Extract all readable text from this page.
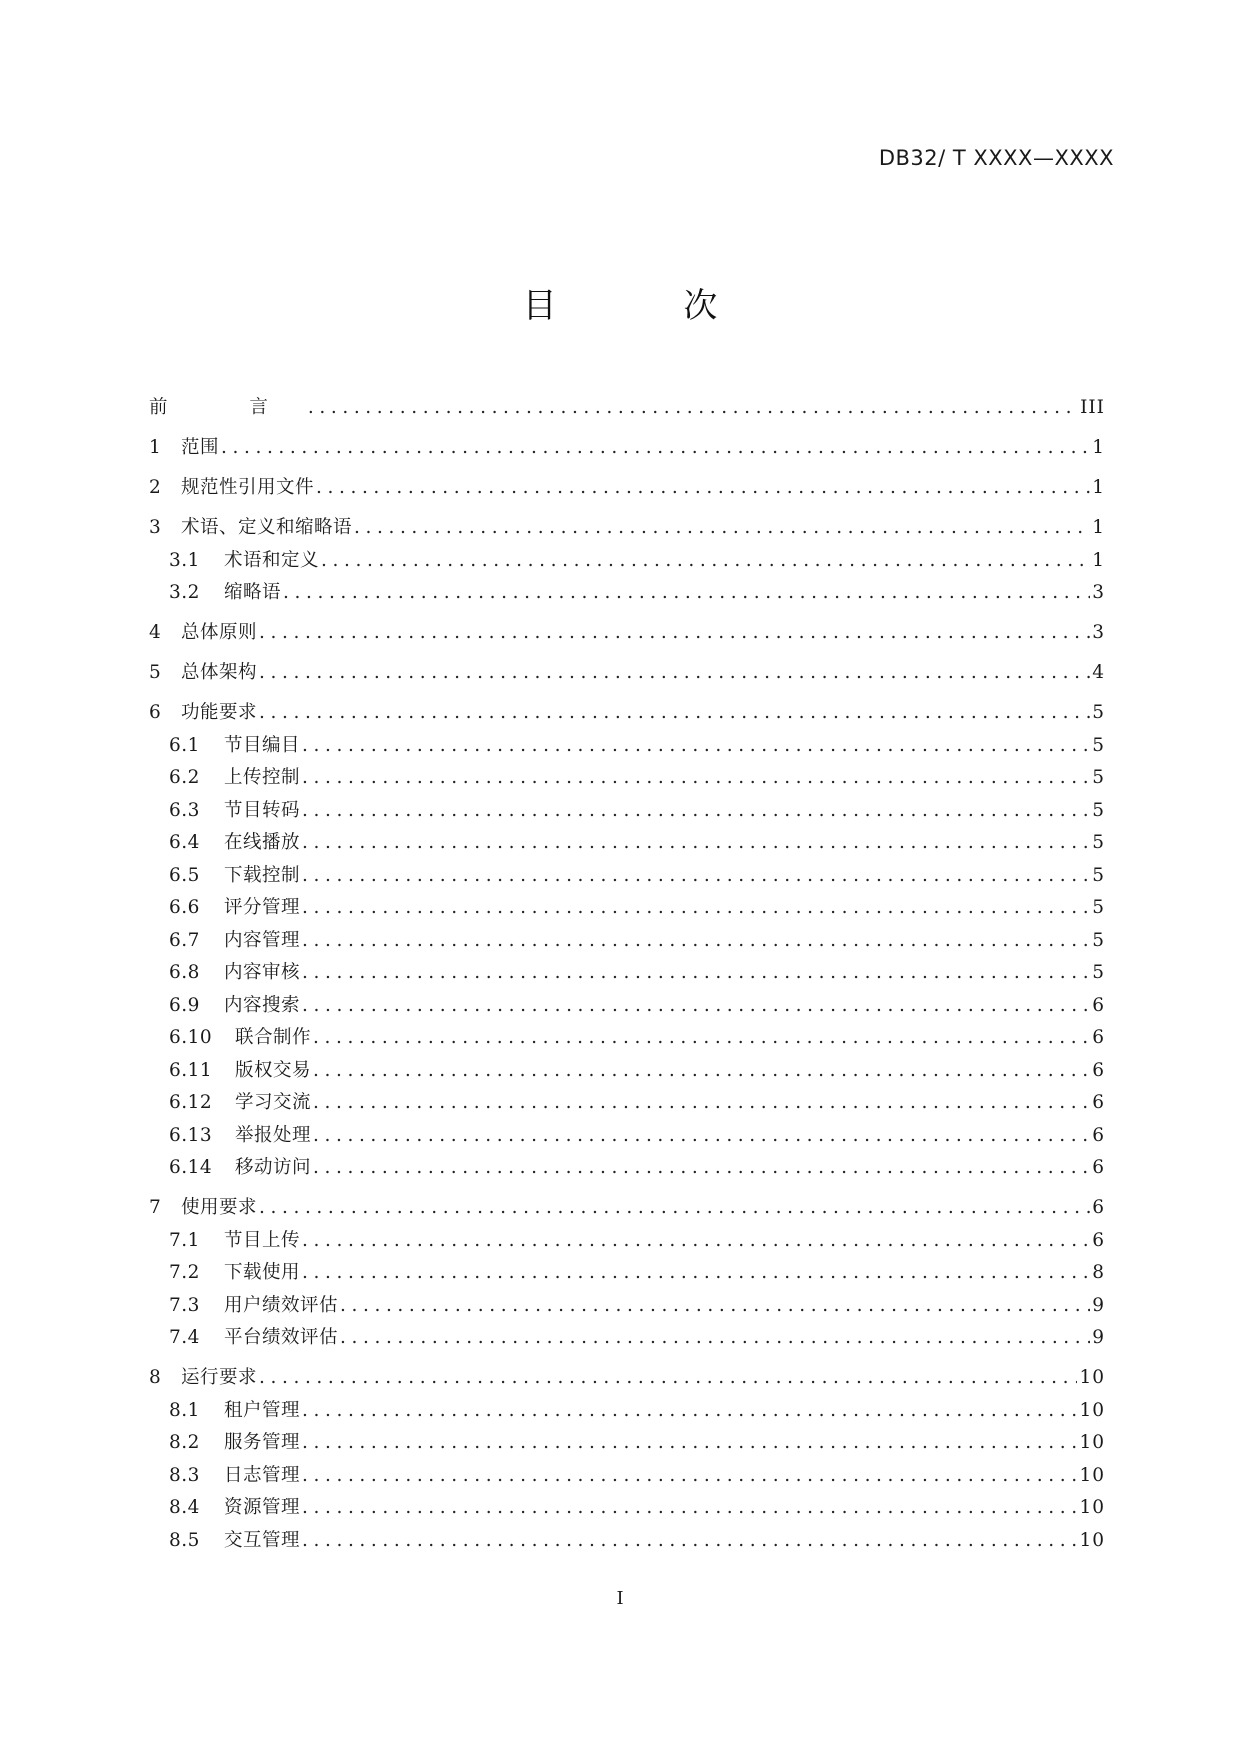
DB32/ T XXXX—XXXX
目 次
前 言 .....	III
1	范围 .....	1
2	规范性引用文件 .....	1
3	术语、定义和缩略语 .....	1
3.1	术语和定义 .....	1
3.2	缩略语 .....	3
4	总体原则 .....	3
5	总体架构 .....	4
6	功能要求 .....	5
6.1	节目编目 .....	5
6.2	上传控制 .....	5
6.3	节目转码 .....	5
6.4	在线播放 .....	5
6.5	下载控制 .....	5
6.6	评分管理 .....	5
6.7	内容管理 .....	5
6.8	内容审核 .....	5
6.9	内容搜索 .....	6
6.10	联合制作 .....	6
6.11	版权交易 .....	6
6.12	学习交流 .....	6
6.13	举报处理 .....	6
6.14	移动访问 .....	6
7	使用要求 .....	6
7.1	节目上传 .....	6
7.2	下载使用 .....	8
7.3	用户绩效评估 .....	9
7.4	平台绩效评估 .....	9
8	运行要求 .....	10
8.1	租户管理 .....	10
8.2	服务管理 .....	10
8.3	日志管理 .....	10
8.4	资源管理 .....	10
8.5	交互管理 .....	10
I
